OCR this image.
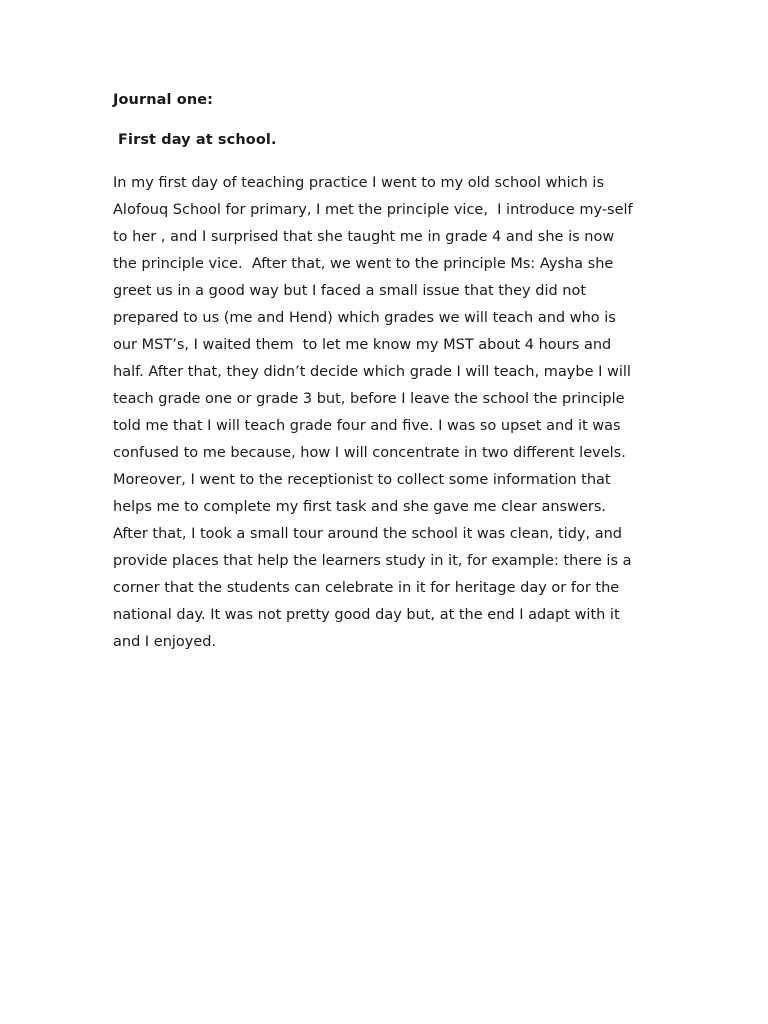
Journal one:
First day at school.

In my first day of teaching practice I went to my old school which is
Alofouq School for primary, I met the principle vice,  I introduce my-self
to her , and I surprised that she taught me in grade 4 and she is now
the principle vice.  After that, we went to the principle Ms: Aysha she
greet us in a good way but I faced a small issue that they did not
prepared to us (me and Hend) which grades we will teach and who is
our MST’s, I waited them  to let me know my MST about 4 hours and
half. After that, they didn’t decide which grade I will teach, maybe I will
teach grade one or grade 3 but, before I leave the school the principle
told me that I will teach grade four and five. I was so upset and it was
confused to me because, how I will concentrate in two different levels.
Moreover, I went to the receptionist to collect some information that
helps me to complete my first task and she gave me clear answers.
After that, I took a small tour around the school it was clean, tidy, and
provide places that help the learners study in it, for example: there is a
corner that the students can celebrate in it for heritage day or for the
national day. It was not pretty good day but, at the end I adapt with it
and I enjoyed.
